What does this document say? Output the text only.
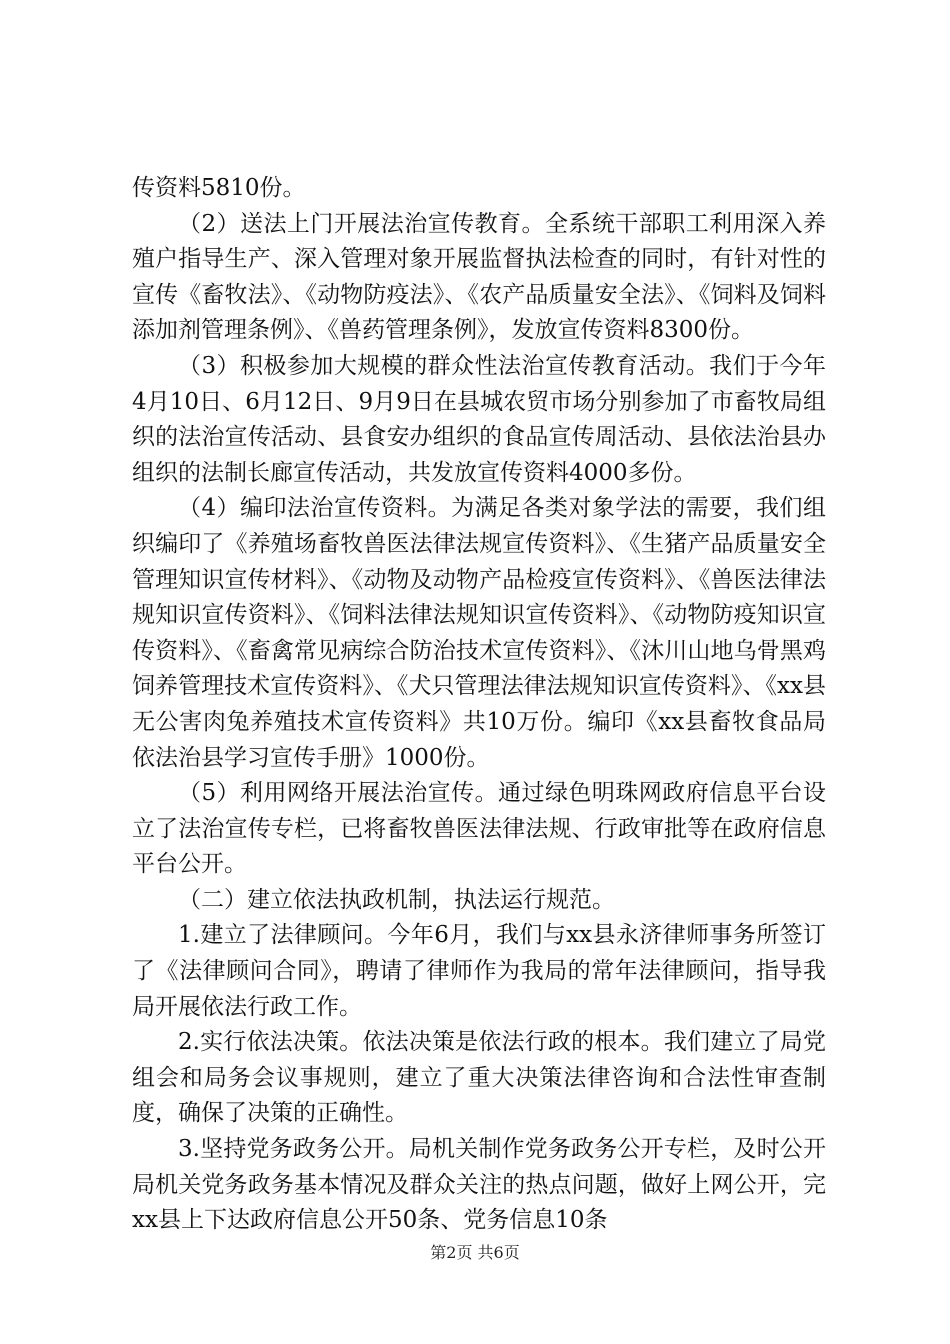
传资料5810份。

（2）送法上门开展法治宣传教育。全系统干部职工利用深入养殖户指导生产、深入管理对象开展监督执法检查的同时，有针对性的宣传《畜牧法》、《动物防疫法》、《农产品质量安全法》、《饲料及饲料添加剂管理条例》、《兽药管理条例》，发放宣传资料8300份。

（3）积极参加大规模的群众性法治宣传教育活动。我们于今年4月10日、6月12日、9月9日在县城农贸市场分别参加了市畜牧局组织的法治宣传活动、县食安办组织的食品宣传周活动、县依法治县办组织的法制长廊宣传活动，共发放宣传资料4000多份。

（4）编印法治宣传资料。为满足各类对象学法的需要，我们组织编印了《养殖场畜牧兽医法律法规宣传资料》、《生猪产品质量安全管理知识宣传材料》、《动物及动物产品检疫宣传资料》、《兽医法律法规知识宣传资料》、《饲料法律法规知识宣传资料》、《动物防疫知识宣传资料》、《畜禽常见病综合防治技术宣传资料》、《沐川山地乌骨黑鸡饲养管理技术宣传资料》、《犬只管理法律法规知识宣传资料》、《xx县无公害肉兔养殖技术宣传资料》共10万份。编印《xx县畜牧食品局依法治县学习宣传手册》1000份。

（5）利用网络开展法治宣传。通过绿色明珠网政府信息平台设立了法治宣传专栏，已将畜牧兽医法律法规、行政审批等在政府信息平台公开。

（二）建立依法执政机制，执法运行规范。

1.建立了法律顾问。今年6月，我们与xx县永济律师事务所签订了《法律顾问合同》，聘请了律师作为我局的常年法律顾问，指导我局开展依法行政工作。

2.实行依法决策。依法决策是依法行政的根本。我们建立了局党组会和局务会议事规则，建立了重大决策法律咨询和合法性审查制度，确保了决策的正确性。

3.坚持党务政务公开。局机关制作党务政务公开专栏，及时公开局机关党务政务基本情况及群众关注的热点问题，做好上网公开，完xx县上下达政府信息公开50条、党务信息10条

第2页 共6页
